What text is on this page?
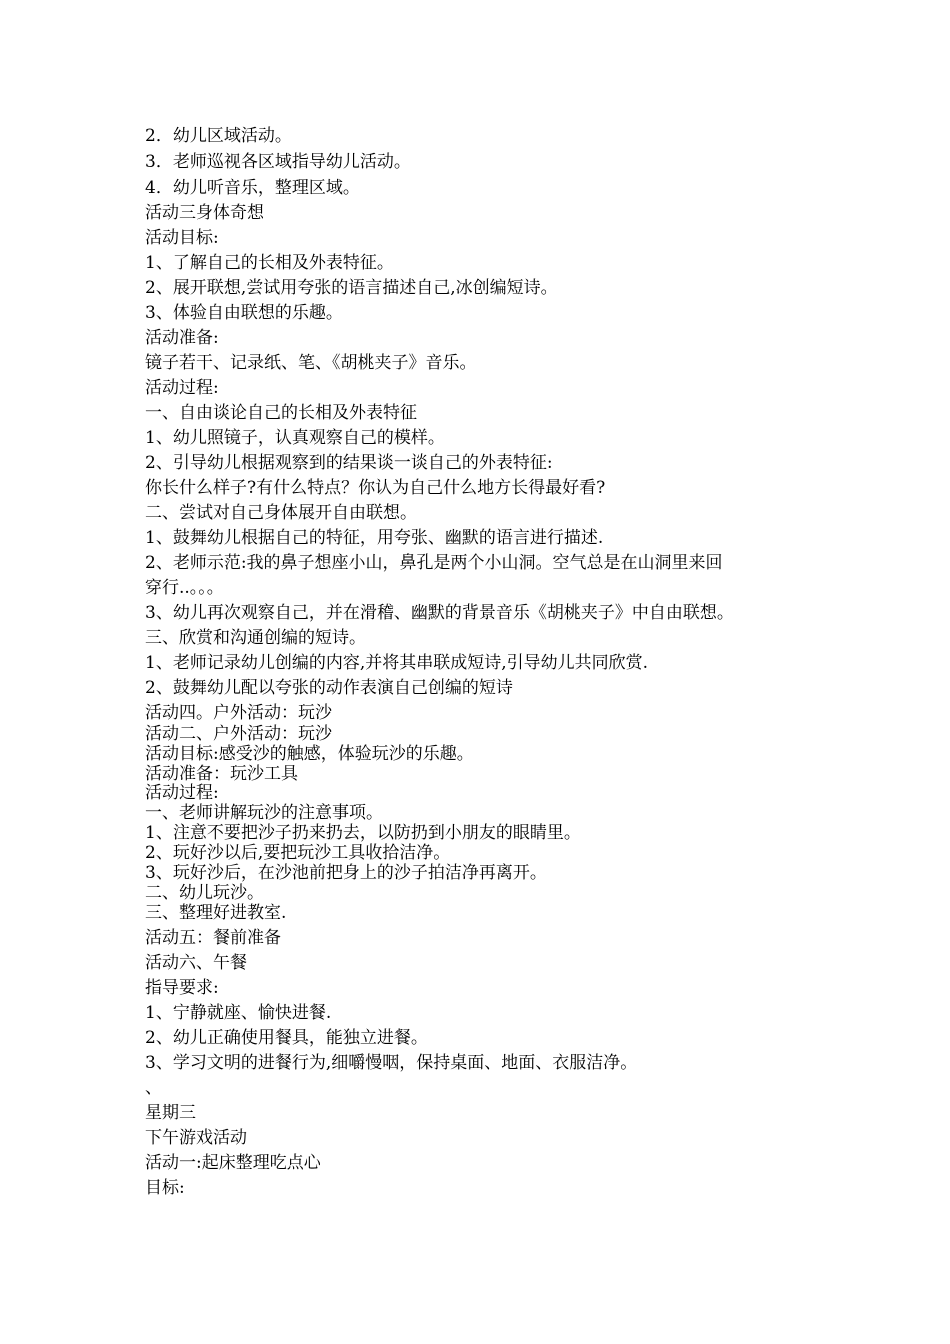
2．幼儿区域活动。
3．老师巡视各区域指导幼儿活动。
4．幼儿听音乐，整理区域。
活动三身体奇想
活动目标:
1、了解自己的长相及外表特征。
2、展开联想,尝试用夸张的语言描述自己,冰创编短诗。
3、体验自由联想的乐趣。
活动准备:
镜子若干、记录纸、笔、《胡桃夹子》音乐。
活动过程:
一、自由谈论自己的长相及外表特征
1、幼儿照镜子，认真观察自己的模样。
2、引导幼儿根据观察到的结果谈一谈自己的外表特征:
你长什么样子?有什么特点？你认为自己什么地方长得最好看?
二、尝试对自己身体展开自由联想。
1、鼓舞幼儿根据自己的特征，用夸张、幽默的语言进行描述.
2、老师示范:我的鼻子想座小山，鼻孔是两个小山洞。空气总是在山洞里来回
穿行..。。。
3、幼儿再次观察自己，并在滑稽、幽默的背景音乐《胡桃夹子》中自由联想。
三、欣赏和沟通创编的短诗。
1、老师记录幼儿创编的内容,并将其串联成短诗,引导幼儿共同欣赏.
2、鼓舞幼儿配以夸张的动作表演自己创编的短诗
活动四。户外活动：玩沙
活动二、户外活动：玩沙
活动目标:感受沙的触感，体验玩沙的乐趣。
活动准备：玩沙工具
活动过程:
一、老师讲解玩沙的注意事项。
1、注意不要把沙子扔来扔去，以防扔到小朋友的眼睛里。
2、玩好沙以后,要把玩沙工具收拾洁净。
3、玩好沙后，在沙池前把身上的沙子拍洁净再离开。
二、幼儿玩沙。
三、整理好进教室.
活动五：餐前准备
活动六、午餐
指导要求:
1、宁静就座、愉快进餐.
2、幼儿正确使用餐具，能独立进餐。
3、学习文明的进餐行为,细嚼慢咽，保持桌面、地面、衣服洁净。
、
星期三
下午游戏活动
活动一:起床整理吃点心
目标:
